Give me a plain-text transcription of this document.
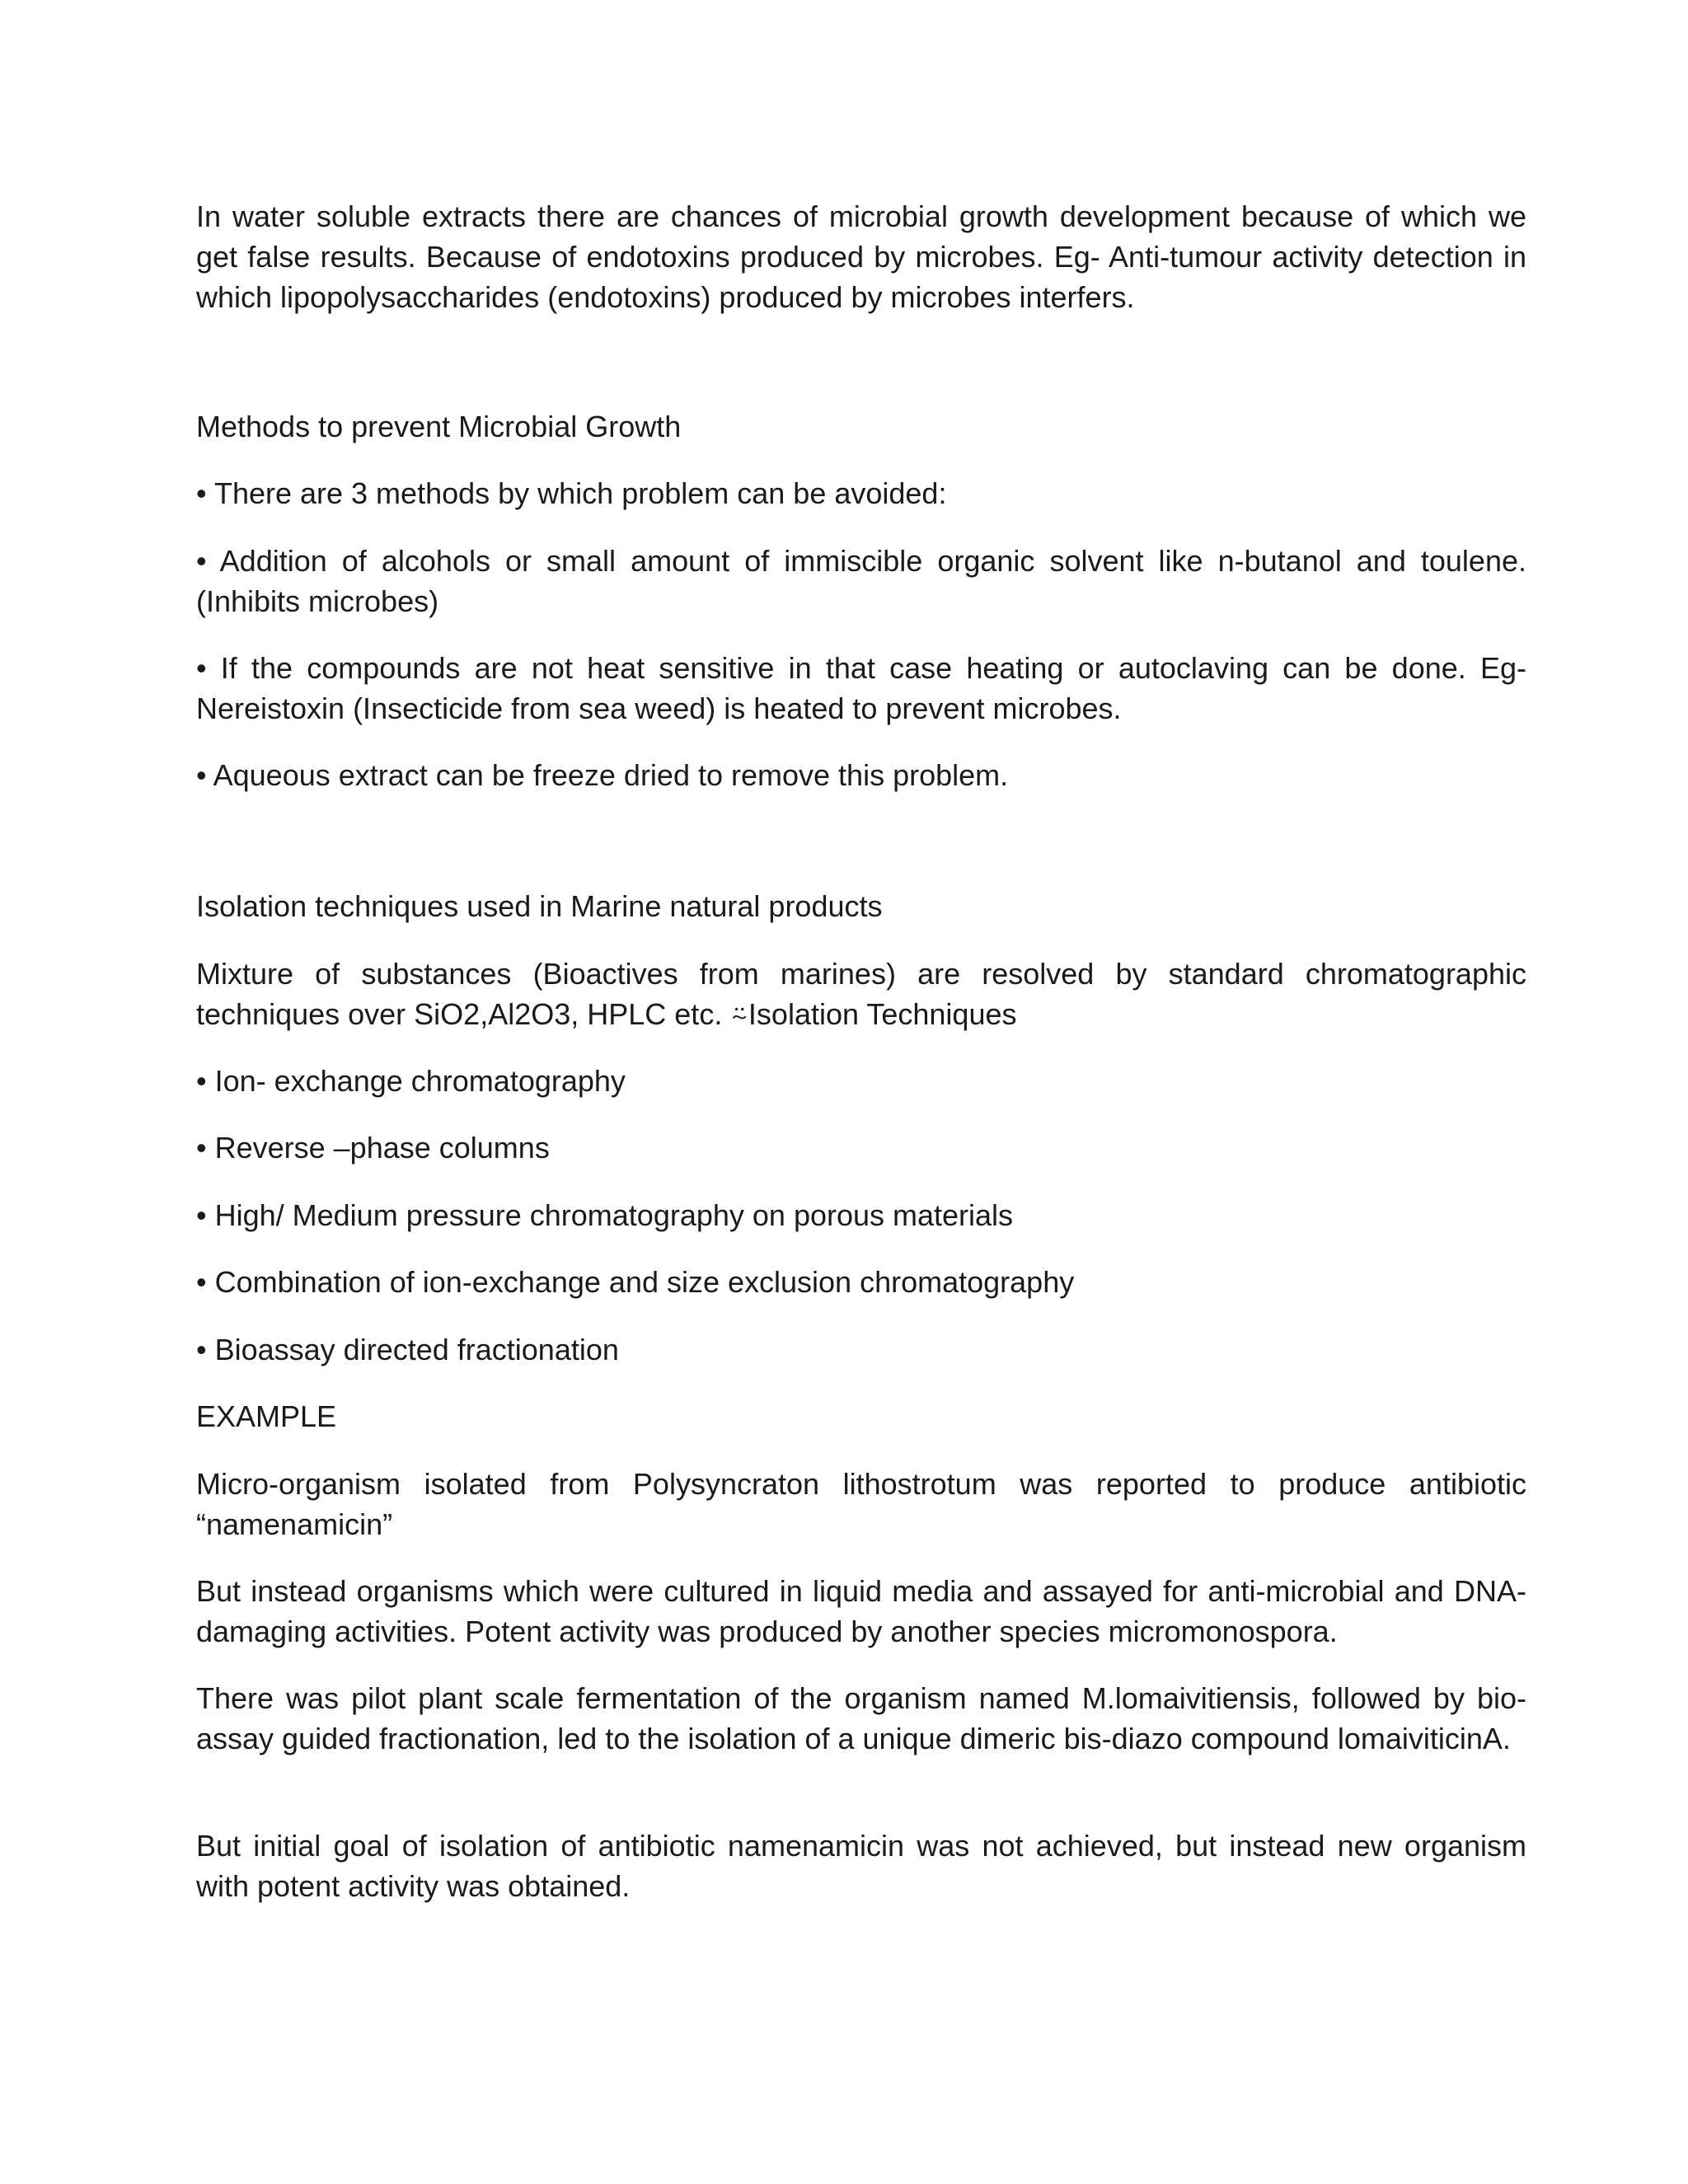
In water soluble extracts there are chances of microbial growth development because of which we get false results. Because of endotoxins produced by microbes. Eg- Anti-tumour activity detection in which lipopolysaccharides (endotoxins) produced by microbes interfers.

Methods to prevent Microbial Growth

• There are 3 methods by which problem can be avoided:

• Addition of alcohols or small amount of immiscible organic solvent like n-butanol and toulene. (Inhibits microbes)

• If the compounds are not heat sensitive in that case heating or autoclaving can be done. Eg- Nereistoxin (Insecticide from sea weed) is heated to prevent microbes.

• Aqueous extract can be freeze dried to remove this problem.

Isolation techniques used in Marine natural products

Mixture of substances (Bioactives from marines) are resolved by standard chromatographic techniques over SiO2,Al2O3, HPLC etc. ⍨Isolation Techniques

• Ion- exchange chromatography

• Reverse –phase columns

• High/ Medium pressure chromatography on porous materials

• Combination of ion-exchange and size exclusion chromatography

• Bioassay directed fractionation

EXAMPLE

Micro-organism isolated from Polysyncraton lithostrotum was reported to produce antibiotic “namenamicin”

But instead organisms which were cultured in liquid media and assayed for anti-microbial and DNA-damaging activities. Potent activity was produced by another species micromonospora.

There was pilot plant scale fermentation of the organism named M.lomaivitiensis, followed by bio-assay guided fractionation, led to the isolation of a unique dimeric bis-diazo compound lomaiviticinA.

But initial goal of isolation of antibiotic namenamicin was not achieved, but instead new organism with potent activity was obtained.
